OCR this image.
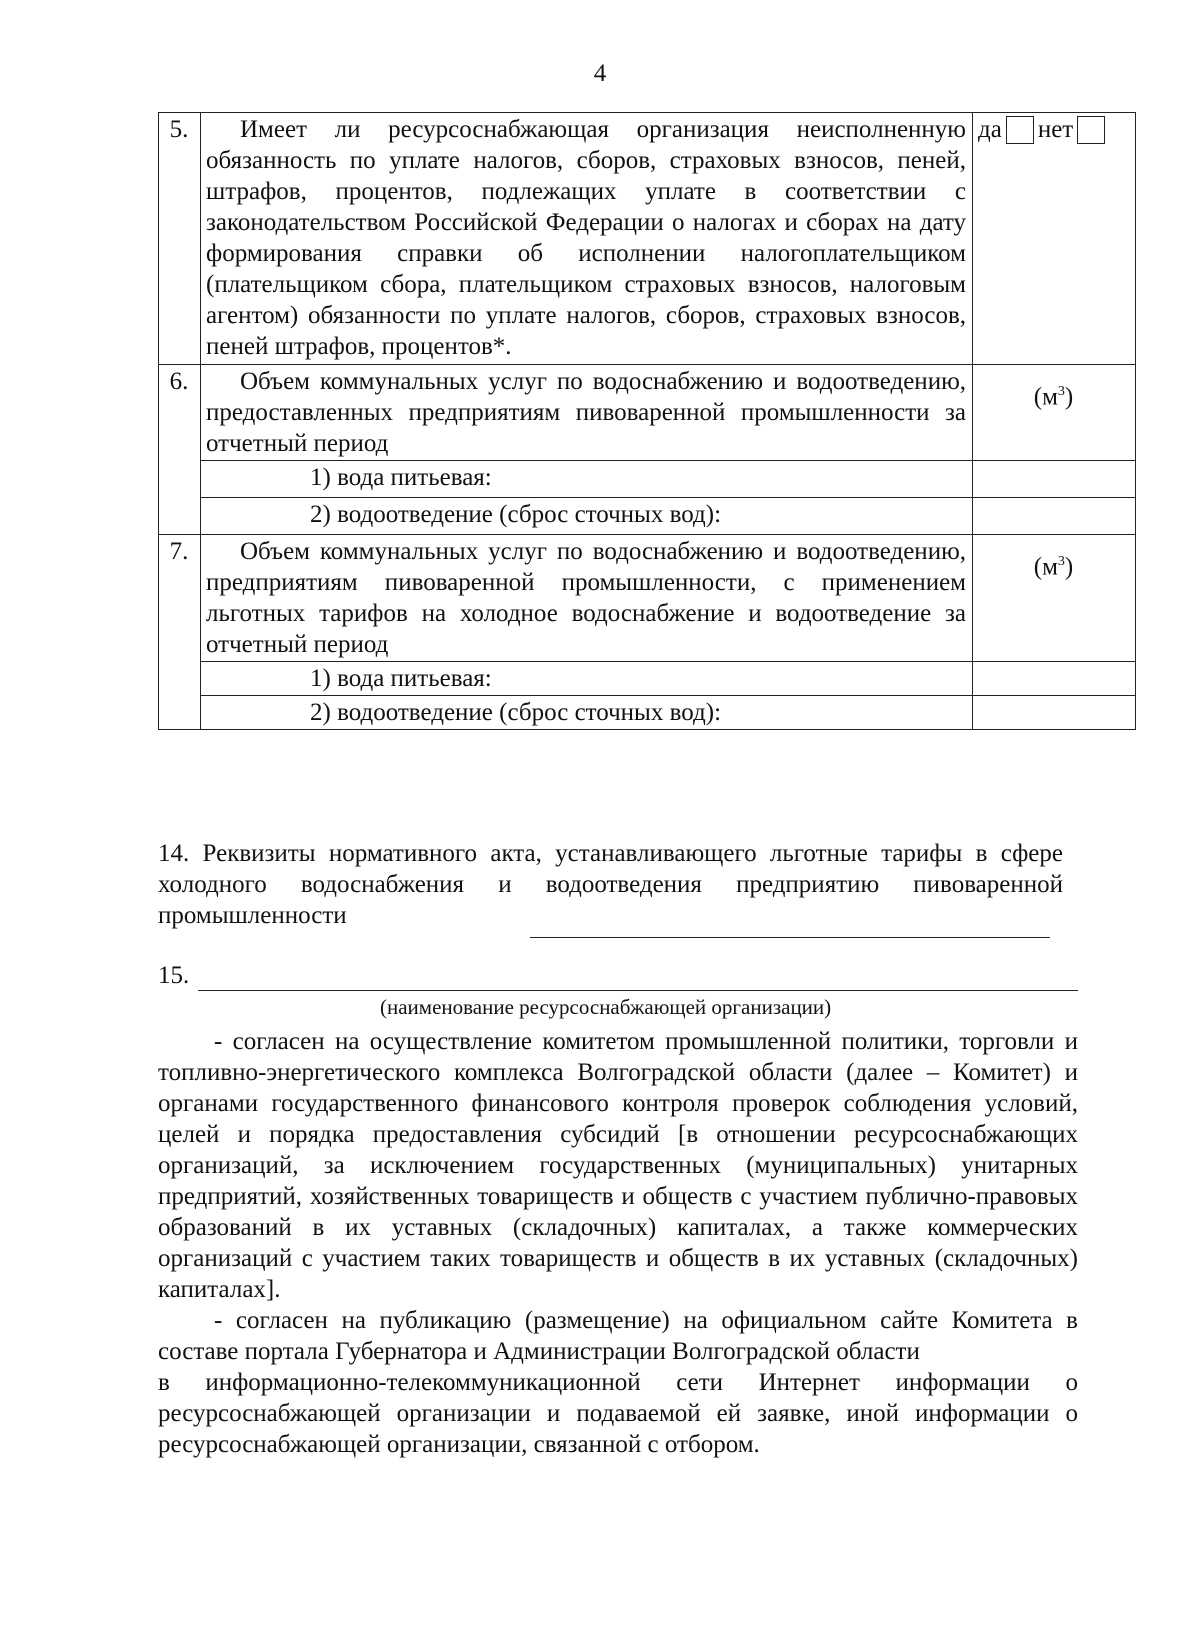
4
5.	Имеет ли ресурсоснабжающая организация неисполненную обязанность по уплате налогов, сборов, страховых взносов, пеней, штрафов, процентов, подлежащих уплате в соответствии с законодательством Российской Федерации о налогах и сборах на дату формирования справки об исполнении налогоплательщиком (плательщиком сбора, плательщиком страховых взносов, налоговым агентом) обязанности по уплате налогов, сборов, страховых взносов, пеней штрафов, процентов*.	да нет

6.	Объем коммунальных услуг по водоснабжению и водоотведению, предоставленных предприятиям пивоваренной промышленности за отчетный период	$(м^3)$

	1) вода питьевая:	
	2) водоотведение (сброс сточных вод):	
7.	Объем коммунальных услуг по водоснабжению и водоотведению, предприятиям пивоваренной промышленности, с применением льготных тарифов на холодное водоснабжение и водоотведение за отчетный период	$(м^3)$

	1) вода питьевая:	
	2) водоотведение (сброс сточных вод):	

14. Реквизиты нормативного акта, устанавливающего льготные тарифы в сфере холодного водоснабжения и водоотведения предприятию пивоваренной промышленности

15.
(наименование ресурсоснабжающей организации)

- согласен на осуществление комитетом промышленной политики, торговли и топливно-энергетического комплекса Волгоградской области (далее – Комитет) и органами государственного финансового контроля проверок соблюдения условий, целей и порядка предоставления субсидий [в отношении ресурсоснабжающих организаций, за исключением государственных (муниципальных) унитарных предприятий, хозяйственных товариществ и обществ с участием публично-правовых образований в их уставных (складочных) капиталах, а также коммерческих организаций с участием таких товариществ и обществ в их уставных (складочных) капиталах].

- согласен на публикацию (размещение) на официальном сайте Комитета в составе портала Губернатора и Администрации Волгоградской области

в информационно-телекоммуникационной сети Интернет информации о ресурсоснабжающей организации и подаваемой ей заявке, иной информации о ресурсоснабжающей организации, связанной с отбором.
